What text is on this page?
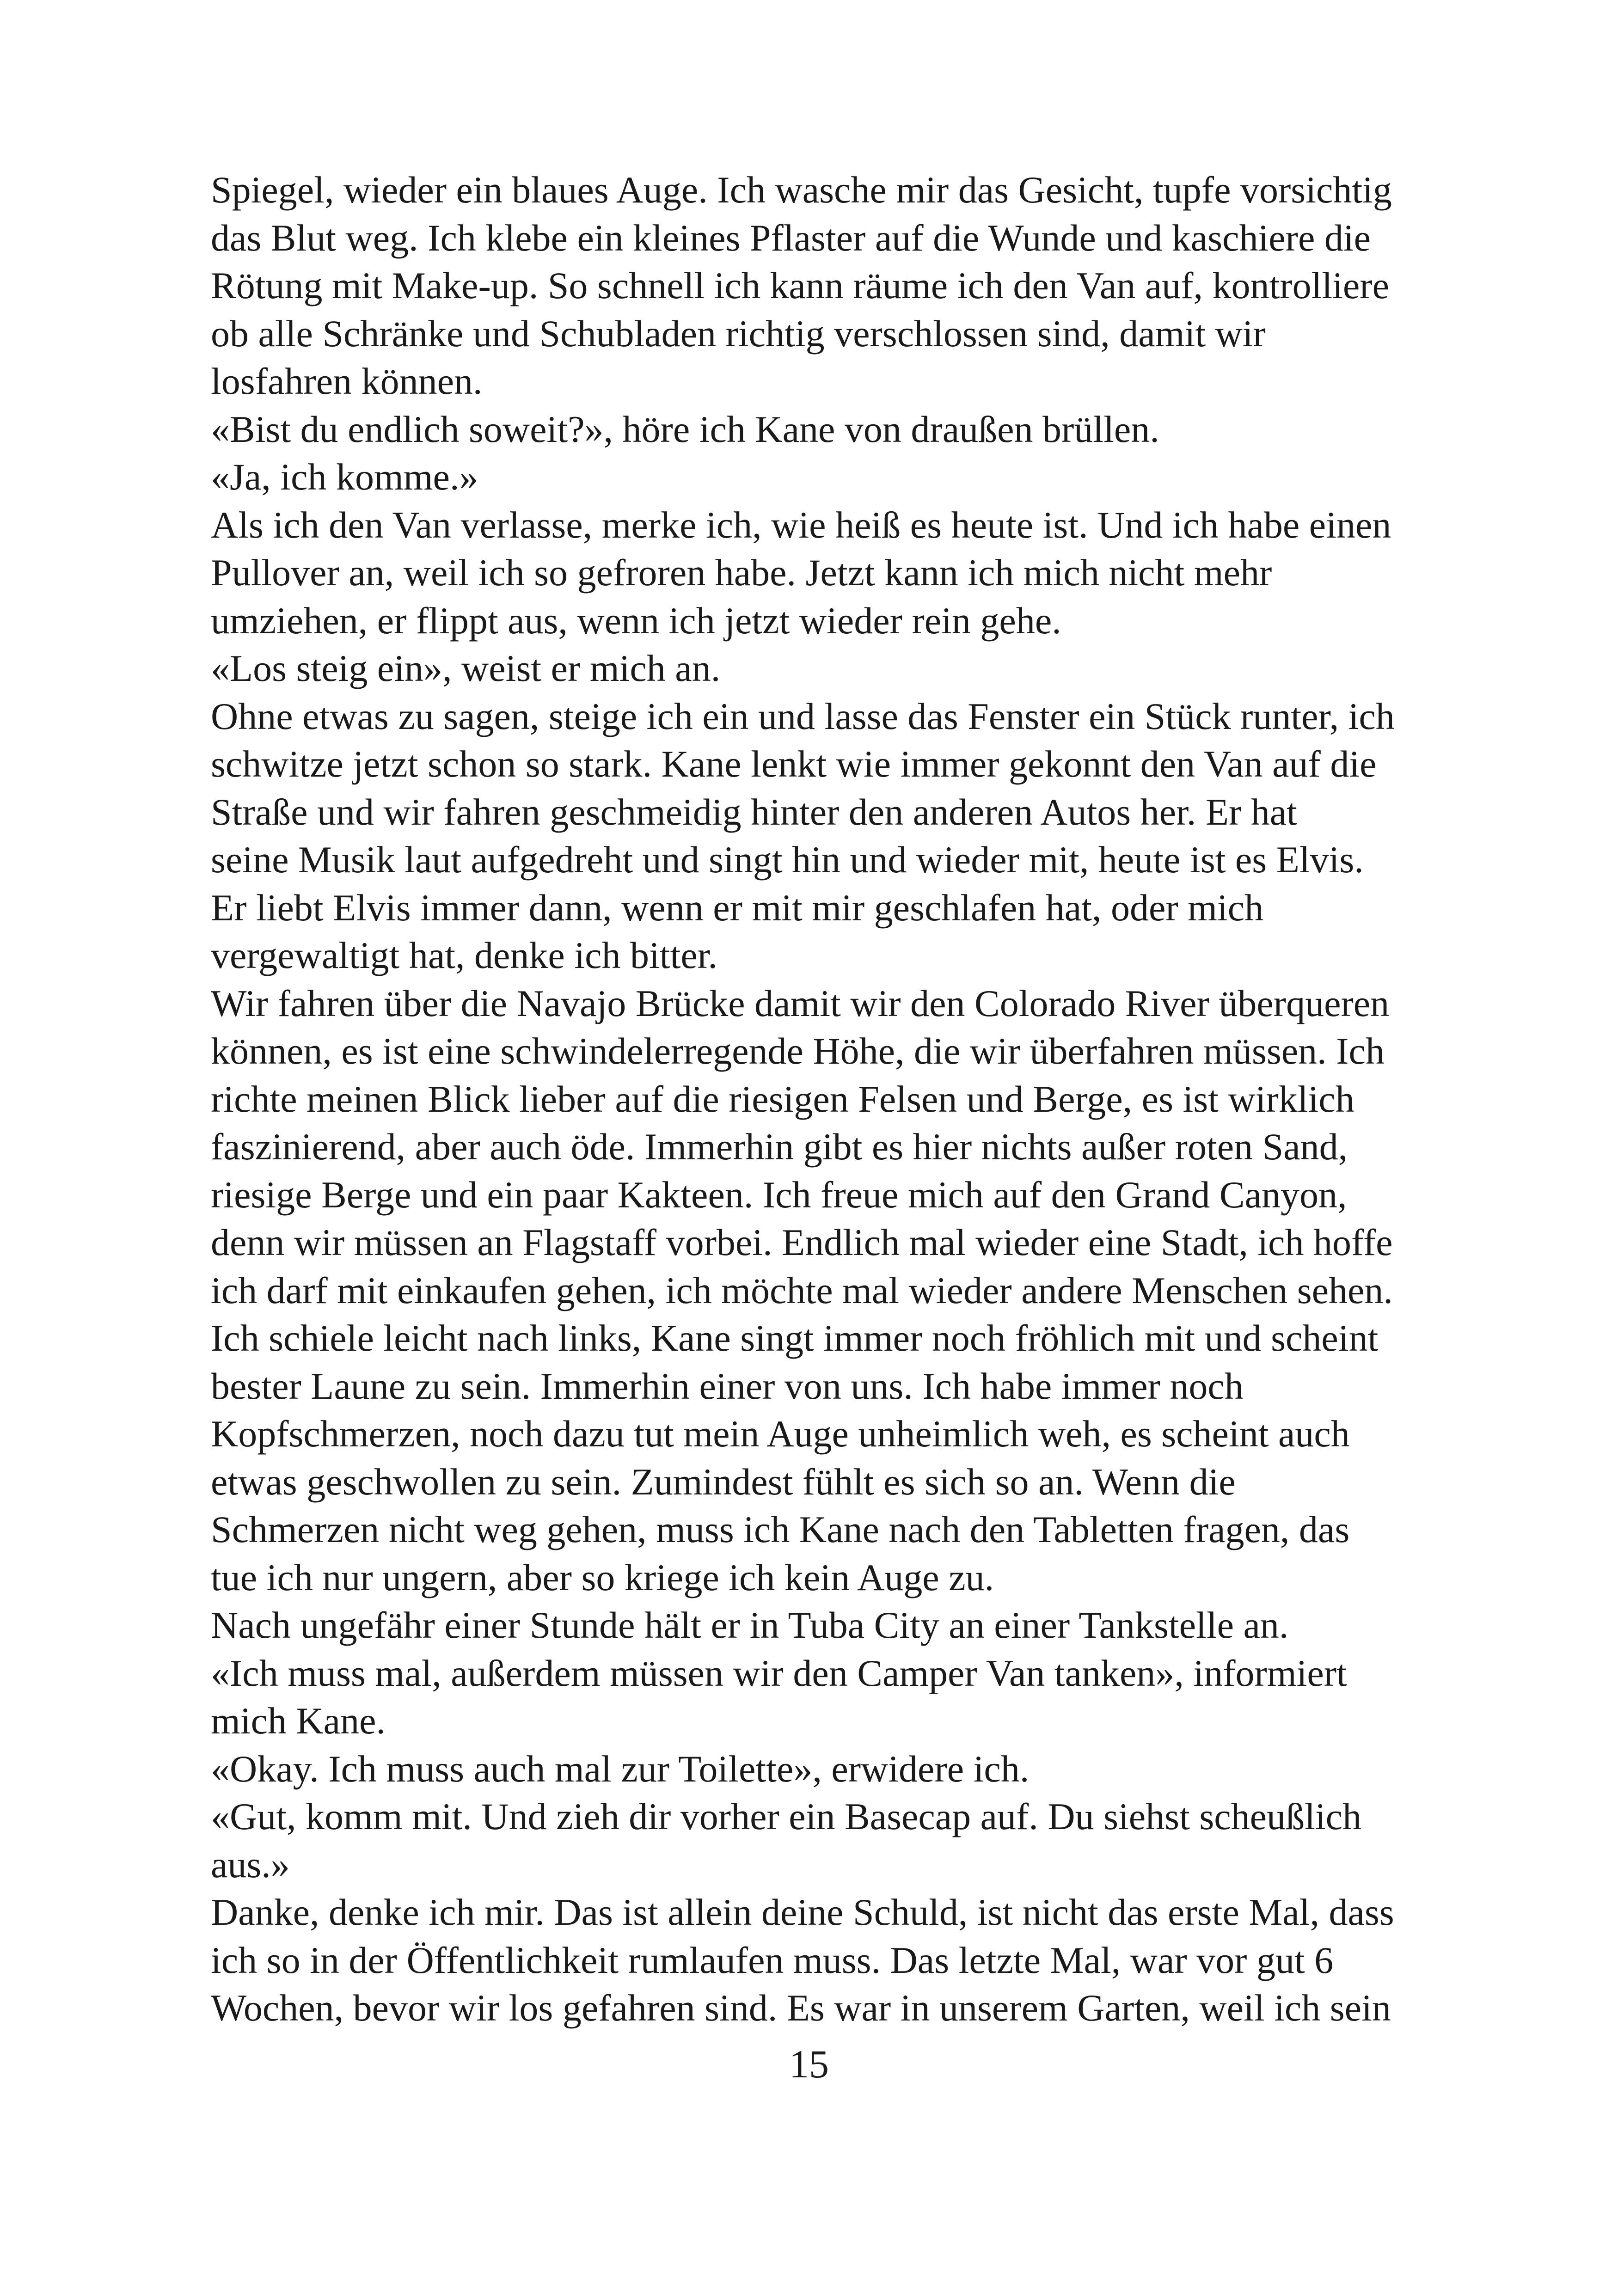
Spiegel, wieder ein blaues Auge. Ich wasche mir das Gesicht, tupfe vorsichtig
das Blut weg. Ich klebe ein kleines Pflaster auf die Wunde und kaschiere die
Rötung mit Make-up. So schnell ich kann räume ich den Van auf, kontrolliere
ob alle Schränke und Schubladen richtig verschlossen sind, damit wir
losfahren können.
«Bist du endlich soweit?», höre ich Kane von draußen brüllen.
«Ja, ich komme.»
Als ich den Van verlasse, merke ich, wie heiß es heute ist. Und ich habe einen
Pullover an, weil ich so gefroren habe. Jetzt kann ich mich nicht mehr
umziehen, er flippt aus, wenn ich jetzt wieder rein gehe.
«Los steig ein», weist er mich an.
Ohne etwas zu sagen, steige ich ein und lasse das Fenster ein Stück runter, ich
schwitze jetzt schon so stark. Kane lenkt wie immer gekonnt den Van auf die
Straße und wir fahren geschmeidig hinter den anderen Autos her. Er hat
seine Musik laut aufgedreht und singt hin und wieder mit, heute ist es Elvis.
Er liebt Elvis immer dann, wenn er mit mir geschlafen hat, oder mich
vergewaltigt hat, denke ich bitter.
Wir fahren über die Navajo Brücke damit wir den Colorado River überqueren
können, es ist eine schwindelerregende Höhe, die wir überfahren müssen. Ich
richte meinen Blick lieber auf die riesigen Felsen und Berge, es ist wirklich
faszinierend, aber auch öde. Immerhin gibt es hier nichts außer roten Sand,
riesige Berge und ein paar Kakteen. Ich freue mich auf den Grand Canyon,
denn wir müssen an Flagstaff vorbei. Endlich mal wieder eine Stadt, ich hoffe
ich darf mit einkaufen gehen, ich möchte mal wieder andere Menschen sehen.
Ich schiele leicht nach links, Kane singt immer noch fröhlich mit und scheint
bester Laune zu sein. Immerhin einer von uns. Ich habe immer noch
Kopfschmerzen, noch dazu tut mein Auge unheimlich weh, es scheint auch
etwas geschwollen zu sein. Zumindest fühlt es sich so an. Wenn die
Schmerzen nicht weg gehen, muss ich Kane nach den Tabletten fragen, das
tue ich nur ungern, aber so kriege ich kein Auge zu.
Nach ungefähr einer Stunde hält er in Tuba City an einer Tankstelle an.
«Ich muss mal, außerdem müssen wir den Camper Van tanken», informiert
mich Kane.
«Okay. Ich muss auch mal zur Toilette», erwidere ich.
«Gut, komm mit. Und zieh dir vorher ein Basecap auf. Du siehst scheußlich
aus.»
Danke, denke ich mir. Das ist allein deine Schuld, ist nicht das erste Mal, dass
ich so in der Öffentlichkeit rumlaufen muss. Das letzte Mal, war vor gut 6
Wochen, bevor wir los gefahren sind. Es war in unserem Garten, weil ich sein
15
